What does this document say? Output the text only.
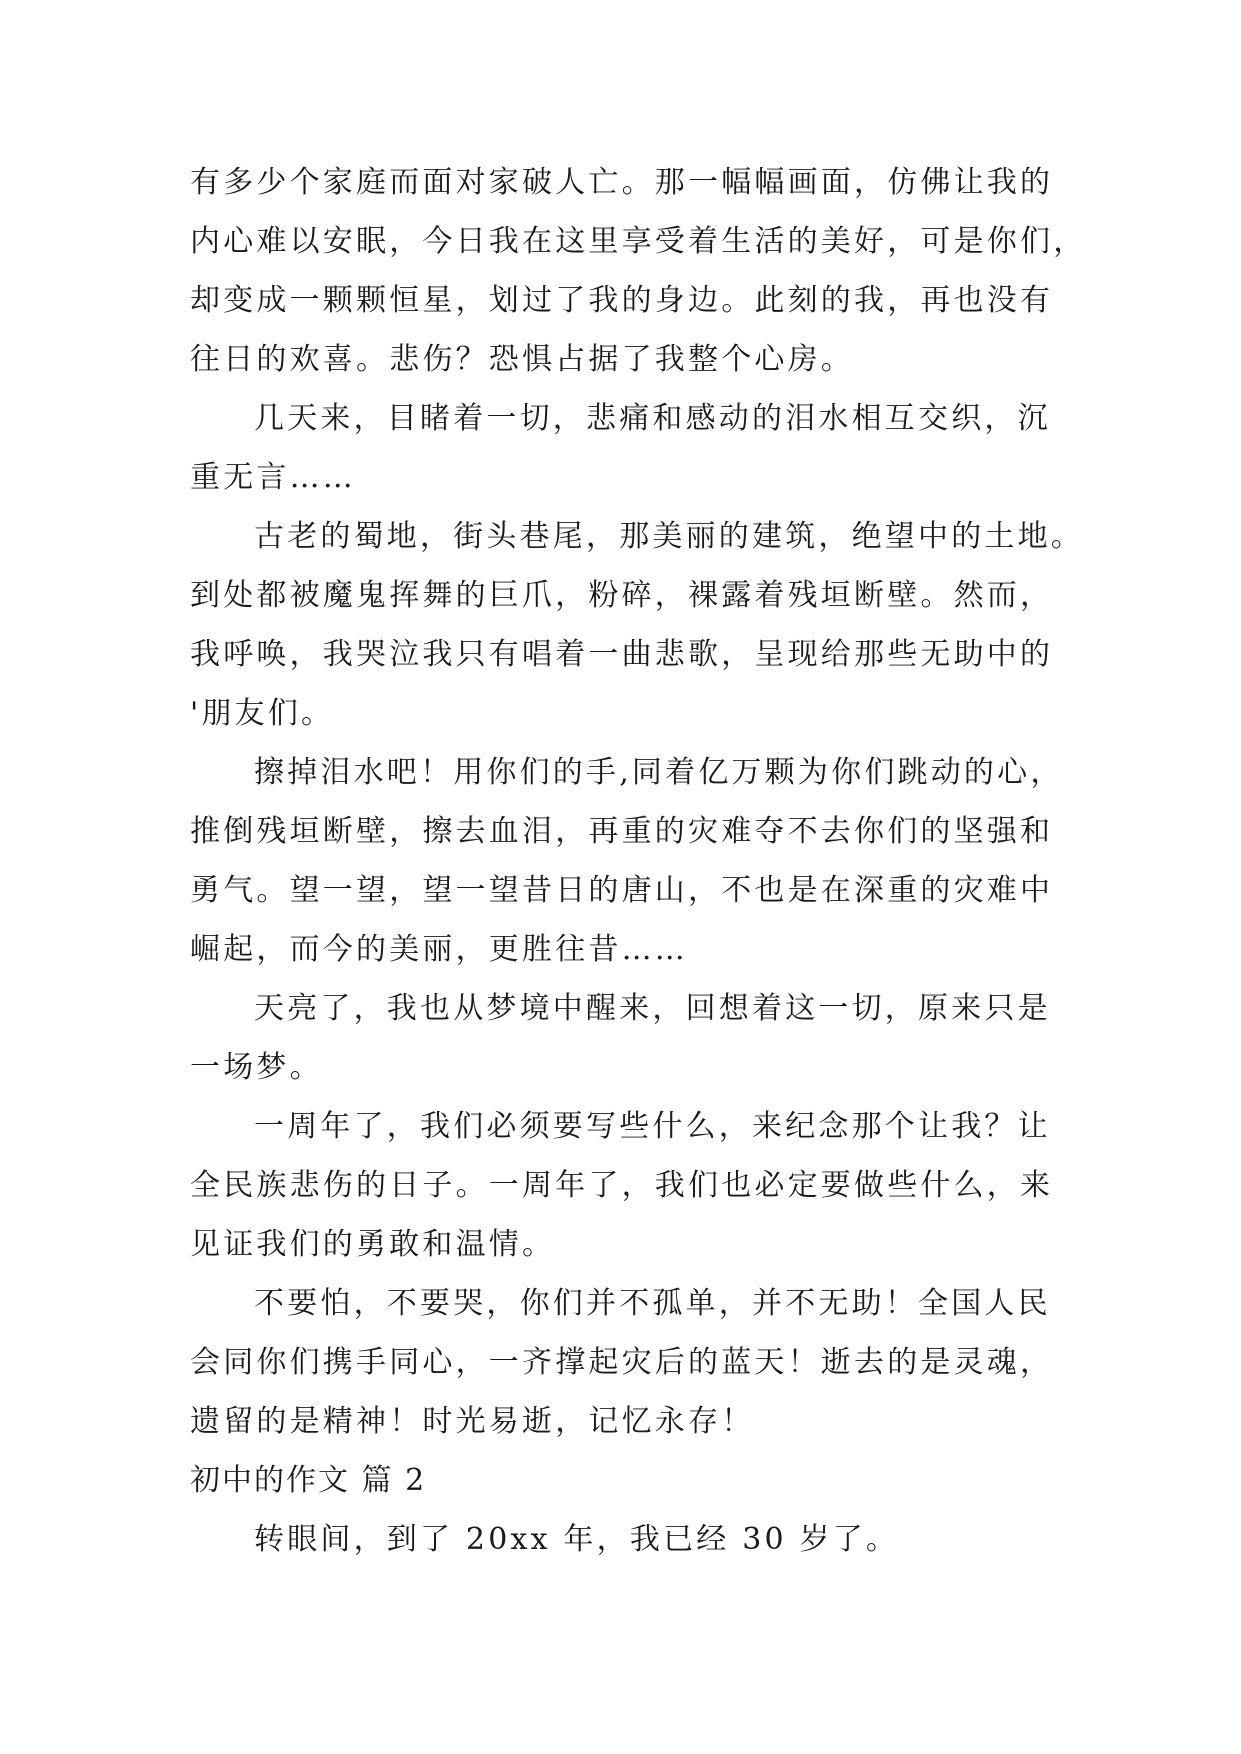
有多少个家庭而面对家破人亡。那一幅幅画面，仿佛让我的
内心难以安眠，今日我在这里享受着生活的美好，可是你们，
却变成一颗颗恒星，划过了我的身边。此刻的我，再也没有
往日的欢喜。悲伤？恐惧占据了我整个心房。
几天来，目睹着一切，悲痛和感动的泪水相互交织，沉
重无言……
古老的蜀地，街头巷尾，那美丽的建筑，绝望中的土地。
到处都被魔鬼挥舞的巨爪，粉碎，裸露着残垣断壁。然而，
我呼唤，我哭泣我只有唱着一曲悲歌，呈现给那些无助中的
'朋友们。
擦掉泪水吧！用你们的手,同着亿万颗为你们跳动的心，
推倒残垣断壁，擦去血泪，再重的灾难夺不去你们的坚强和
勇气。望一望，望一望昔日的唐山，不也是在深重的灾难中
崛起，而今的美丽，更胜往昔……
天亮了，我也从梦境中醒来，回想着这一切，原来只是
一场梦。
一周年了，我们必须要写些什么，来纪念那个让我？让
全民族悲伤的日子。一周年了，我们也必定要做些什么，来
见证我们的勇敢和温情。
不要怕，不要哭，你们并不孤单，并不无助！全国人民
会同你们携手同心，一齐撑起灾后的蓝天！逝去的是灵魂，
遗留的是精神！时光易逝，记忆永存！
初中的作文 篇 2
转眼间，到了 20xx 年，我已经 30 岁了。
